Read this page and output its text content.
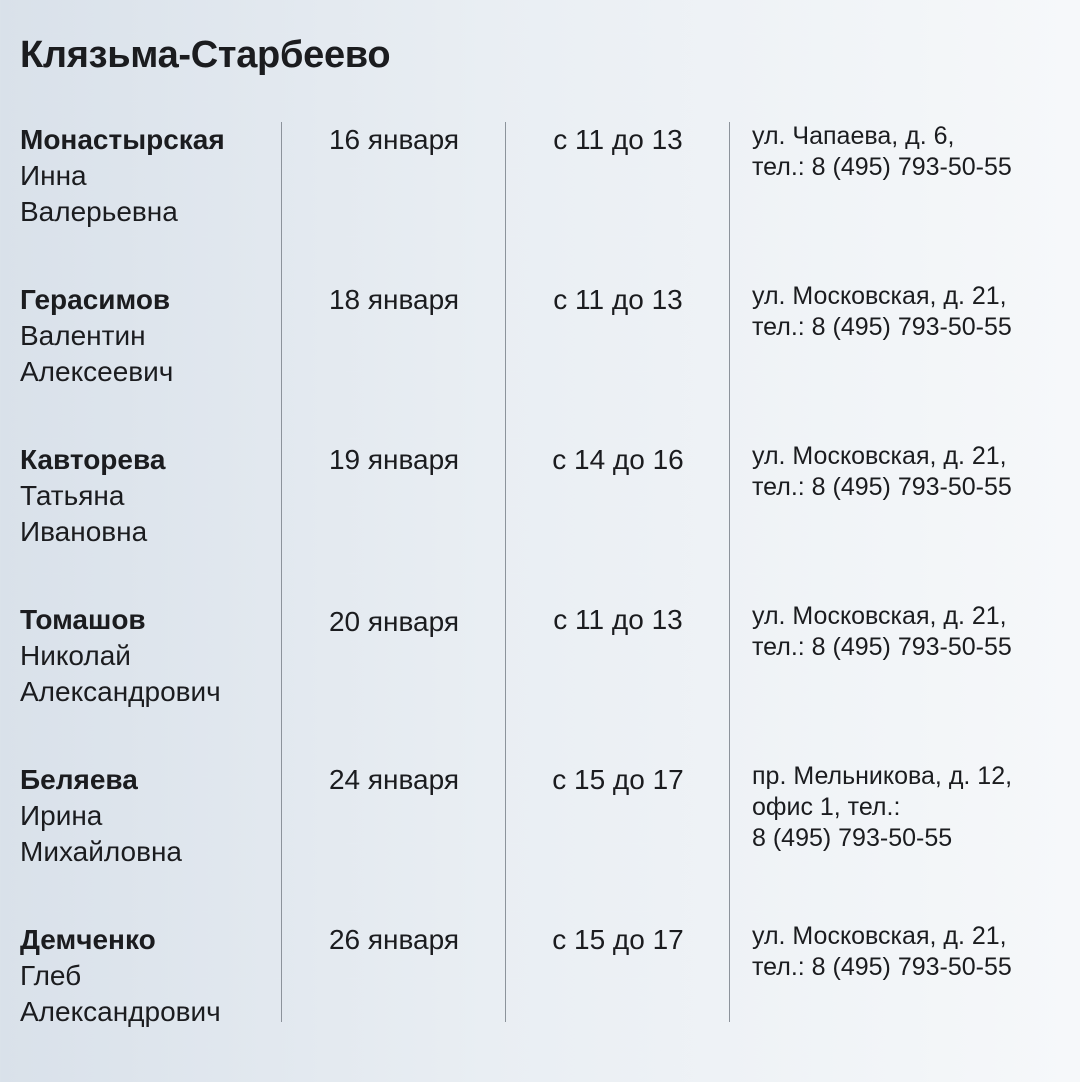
Клязьма-Старбеево
Монастырская
Инна
Валерьевна
16 января	с 11 до 13	ул. Чапаева, д. 6,
тел.: 8 (495) 793-50-55
Герасимов
Валентин
Алексеевич
18 января	с 11 до 13	ул. Московская, д. 21,
тел.: 8 (495) 793-50-55
Кавторева
Татьяна
Ивановна
19 января	с 14 до 16	ул. Московская, д. 21,
тел.: 8 (495) 793-50-55
Томашов
Николай
Александрович
20 января	с 11 до 13	ул. Московская, д. 21,
тел.: 8 (495) 793-50-55
Беляева
Ирина
Михайловна
24 января	с 15 до 17	пр. Мельникова, д. 12,
офис 1, тел.:
8 (495) 793-50-55
Демченко
Глеб
Александрович
26 января	с 15 до 17	ул. Московская, д. 21,
тел.: 8 (495) 793-50-55
